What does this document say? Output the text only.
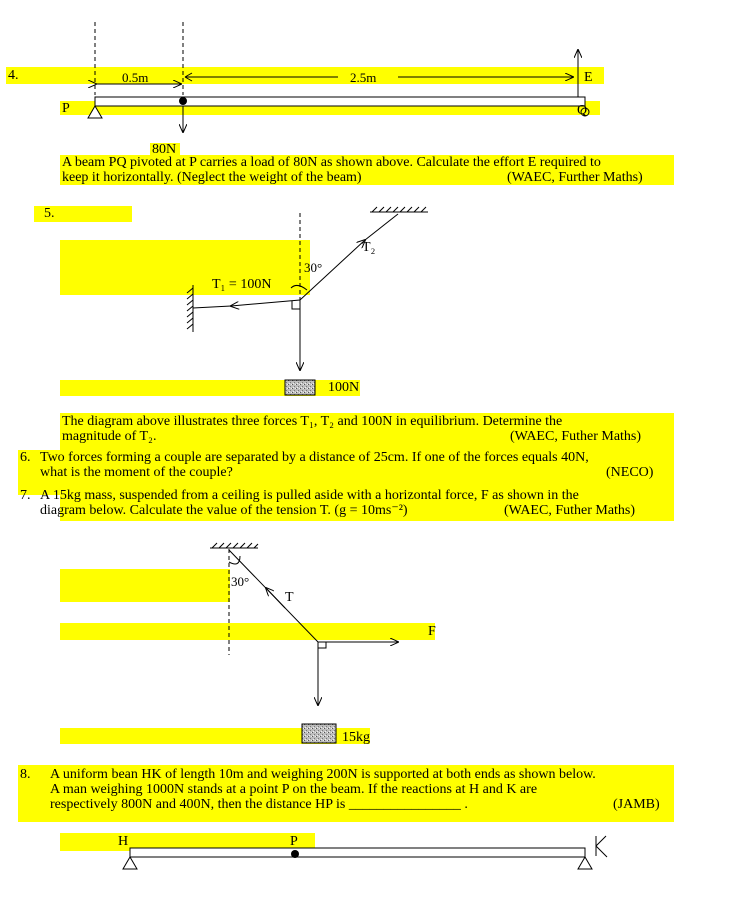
4.	0.5m	2.5m	E
P	Q
80N
A beam PQ pivoted at P carries a load of 80N as shown above. Calculate the effort E required to
keep it horizontally. (Neglect the weight of the beam)	(WAEC, Further Maths)
5.
T₂
30°
T₁ = 100N
100N
The diagram above illustrates three forces T₁, T₂ and 100N in equilibrium. Determine the
magnitude of T₂.	(WAEC, Futher Maths)
6. Two forces forming a couple are separated by a distance of 25cm. If one of the forces equals 40N,
what is the moment of the couple?	(NECO)
7. A 15kg mass, suspended from a ceiling is pulled aside with a horizontal force, F as shown in the
diagram below. Calculate the value of the tension T. (g = 10ms⁻²)	(WAEC, Futher Maths)
30°
T
F
15kg
8. A uniform bean HK of length 10m and weighing 200N is supported at both ends as shown below.
A man weighing 1000N stands at a point P on the beam. If the reactions at H and K are
respectively 800N and 400N, then the distance HP is ________________ .	(JAMB)
H	P
